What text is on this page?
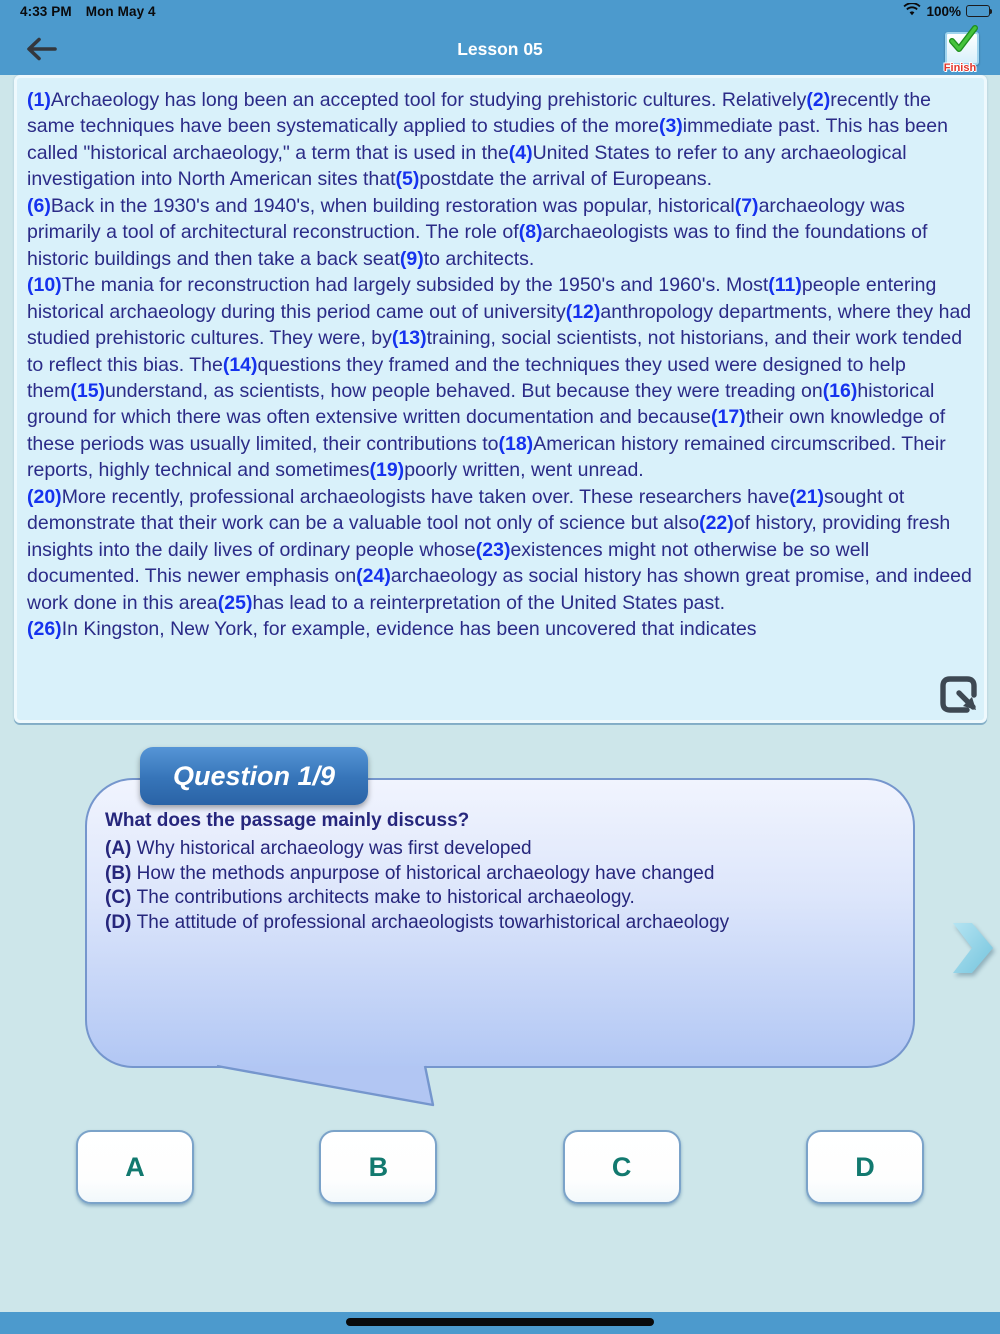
4:33 PM Mon May 4	100%
Lesson 05
Finish
(1)Archaeology has long been an accepted tool for studying prehistoric cultures. Relatively(2)recently the same techniques have been systematically applied to studies of the more(3)immediate past. This has been called "historical archaeology," a term that is used in the(4)United States to refer to any archaeological investigation into North American sites that(5)postdate the arrival of Europeans.
(6)Back in the 1930's and 1940's, when building restoration was popular, historical(7)archaeology was primarily a tool of architectural reconstruction. The role of(8)archaeologists was to find the foundations of historic buildings and then take a back seat(9)to architects.
(10)The mania for reconstruction had largely subsided by the 1950's and 1960's. Most(11)people entering historical archaeology during this period came out of university(12)anthropology departments, where they had studied prehistoric cultures. They were, by(13)training, social scientists, not historians, and their work tended to reflect this bias. The(14)questions they framed and the techniques they used were designed to help them(15)understand, as scientists, how people behaved. But because they were treading on(16)historical ground for which there was often extensive written documentation and because(17)their own knowledge of these periods was usually limited, their contributions to(18)American history remained circumscribed. Their reports, highly technical and sometimes(19)poorly written, went unread.
(20)More recently, professional archaeologists have taken over. These researchers have(21)sought ot demonstrate that their work can be a valuable tool not only of science but also(22)of history, providing fresh insights into the daily lives of ordinary people whose(23)existences might not otherwise be so well documented. This newer emphasis on(24)archaeology as social history has shown great promise, and indeed work done in this area(25)has lead to a reinterpretation of the United States past.
(26)In Kingston, New York, for example, evidence has been uncovered that indicates
Question 1/9
What does the passage mainly discuss?
(A) Why historical archaeology was first developed
(B) How the methods anpurpose of historical archaeology have changed
(C) The contributions architects make to historical archaeology.
(D) The attitude of professional archaeologists towarhistorical archaeology
A	B	C	D
